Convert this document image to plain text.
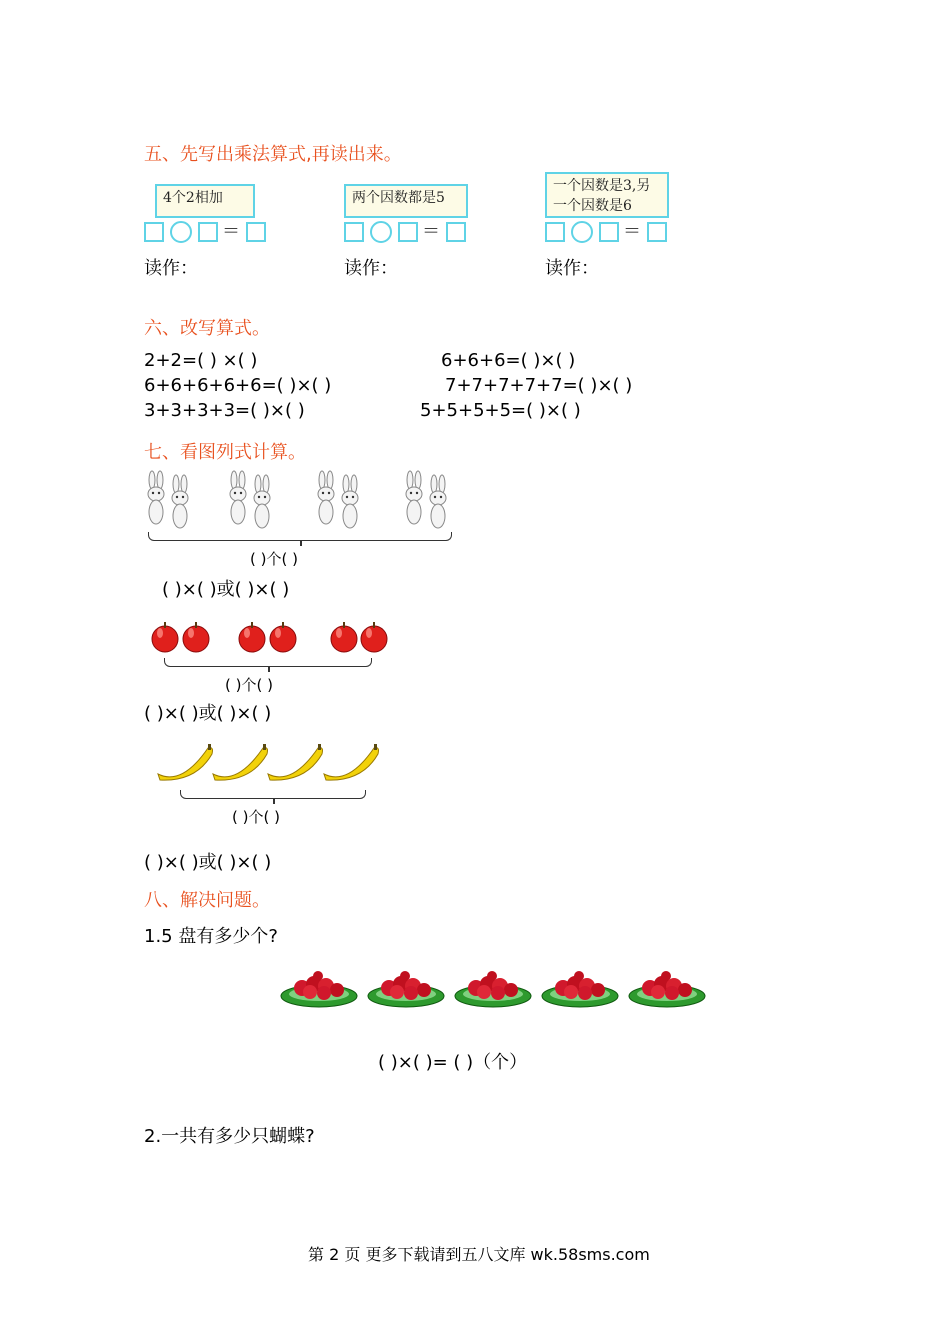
五、先写出乘法算式,再读出来。
4个2相加
＝
读作：
两个因数都是5
＝
读作：
一个因数是3,另
一个因数是6
＝
读作：
六、改写算式。
2+2=( ) ×( )	6+6+6=( )×( )
6+6+6+6+6=( )×( )	7+7+7+7+7=( )×( )
3+3+3+3=( )×( )	5+5+5+5=( )×( )
七、看图列式计算。
( )个( )
( )×( )或( )×( )
( )个( )
( )×( )或( )×( )
( )个( )
( )×( )或( )×( )
八、解决问题。
1.5 盘有多少个?
( )×( )= ( )（个）
2.一共有多少只蝴蝶?
第 2 页 更多下载请到五八文库 wk.58sms.com
